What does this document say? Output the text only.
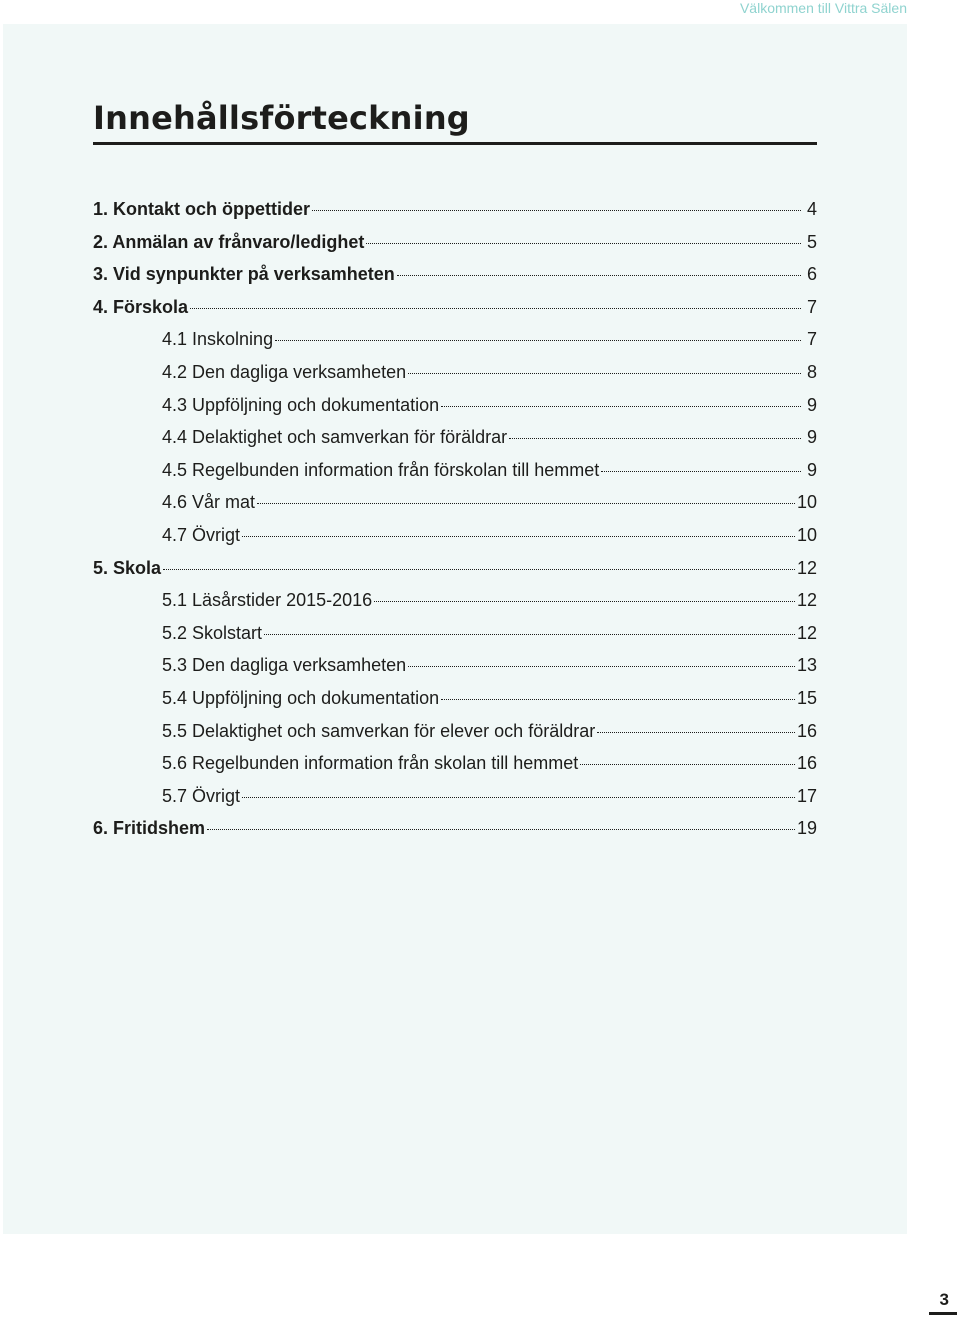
Välkommen till Vittra Sälen
Innehållsförteckning
1. Kontakt och öppettider	4
2. Anmälan av frånvaro/ledighet	5
3. Vid synpunkter på verksamheten	6
4. Förskola	7
4.1 Inskolning	7
4.2 Den dagliga verksamheten	8
4.3 Uppföljning och dokumentation	9
4.4 Delaktighet och samverkan för föräldrar	9
4.5 Regelbunden information från förskolan till hemmet	9
4.6 Vår mat	10
4.7 Övrigt	10
5. Skola	12
5.1 Läsårstider 2015-2016	12
5.2 Skolstart	12
5.3 Den dagliga verksamheten	13
5.4 Uppföljning och dokumentation	15
5.5 Delaktighet och samverkan för elever och föräldrar	16
5.6 Regelbunden information från skolan till hemmet	16
5.7 Övrigt	17
6. Fritidshem	19
3
